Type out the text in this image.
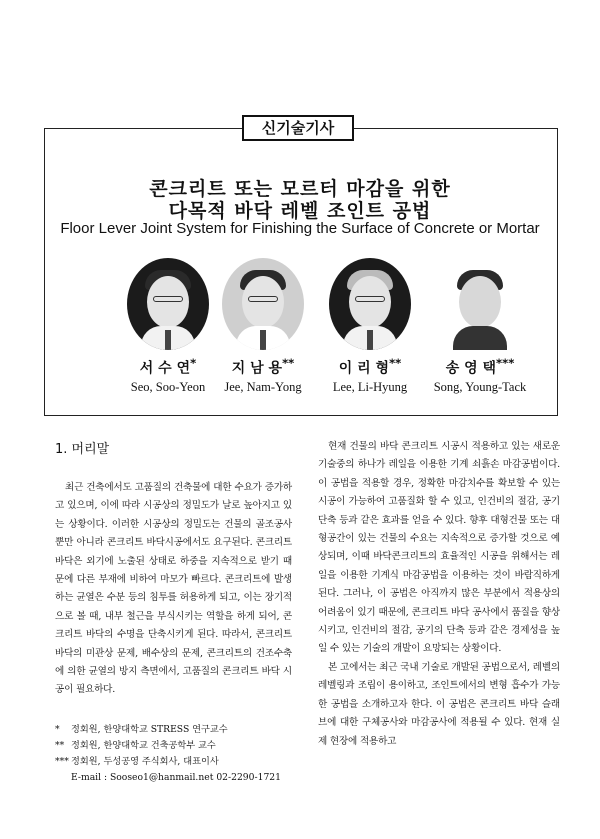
신기술기사
콘크리트 또는 모르터 마감을 위한
다목적 바닥 레벨 조인트 공법
Floor Lever Joint System for Finishing the Surface of Concrete or Mortar
서 수 연*
Seo, Soo-Yeon
지 남 용**
Jee, Nam-Yong
이 리 형**
Lee, Li-Hyung
송 영 택***
Song, Young-Tack
1. 머리말

최근 건축에서도 고품질의 건축물에 대한 수요가 증가하고 있으며, 이에 따라 시공상의 정밀도가 날로 높아지고 있는 상황이다. 이러한 시공상의 정밀도는 건물의 골조공사 뿐만 아니라 콘크리트 바닥시공에서도 요구된다. 콘크리트 바닥은 외기에 노출된 상태로 하중을 지속적으로 받기 때문에 다른 부재에 비하여 마모가 빠르다. 콘크리트에 발생하는 균열은 수분 등의 침투를 허용하게 되고, 이는 장기적으로 볼 때, 내부 철근을 부식시키는 역할을 하게 되어, 콘크리트 바닥의 수명을 단축시키게 된다. 따라서, 콘크리트바닥의 미관상 문제, 배수상의 문제, 콘크리트의 건조수축에 의한 균열의 방지 측면에서, 고품질의 콘크리트 바닥 시공이 필요하다.

현재 건물의 바닥 콘크리트 시공시 적용하고 있는 새로운 기술중의 하나가 레일을 이용한 기계 쇠흙손 마감공법이다. 이 공법을 적용할 경우, 정확한 마감치수를 확보할 수 있는 시공이 가능하여 고품질화 할 수 있고, 인건비의 절감, 공기단축 등과 같은 효과를 얻을 수 있다. 향후 대형건물 또는 대형공간이 있는 건물의 수요는 지속적으로 증가할 것으로 예상되며, 이때 바닥콘크리트의 효율적인 시공을 위해서는 레일을 이용한 기계식 마감공법을 이용하는 것이 바람직하게 된다. 그러나, 이 공법은 아직까지 많은 부분에서 적용상의 어려움이 있기 때문에, 콘크리트 바닥 공사에서 품질을 향상시키고, 인건비의 절감, 공기의 단축 등과 같은 경제성을 높일 수 있는 기술의 개발이 요망되는 상황이다.

본 고에서는 최근 국내 기술로 개발된 공법으로서, 레벨의 레벨링과 조립이 용이하고, 조인트에서의 변형 흡수가 가능한 공법을 소개하고자 한다. 이 공법은 콘크리트 바닥 슬래브에 대한 구체공사와 마감공사에 적용될 수 있다. 현재 실제 현장에 적용하고

* 정회원, 한양대학교 STRESS 연구교수
** 정회원, 한양대학교 건축공학부 교수
*** 정회원, 두성공영 주식회사, 대표이사
E-mail : Sooseo1@hanmail.net 02-2290-1721
